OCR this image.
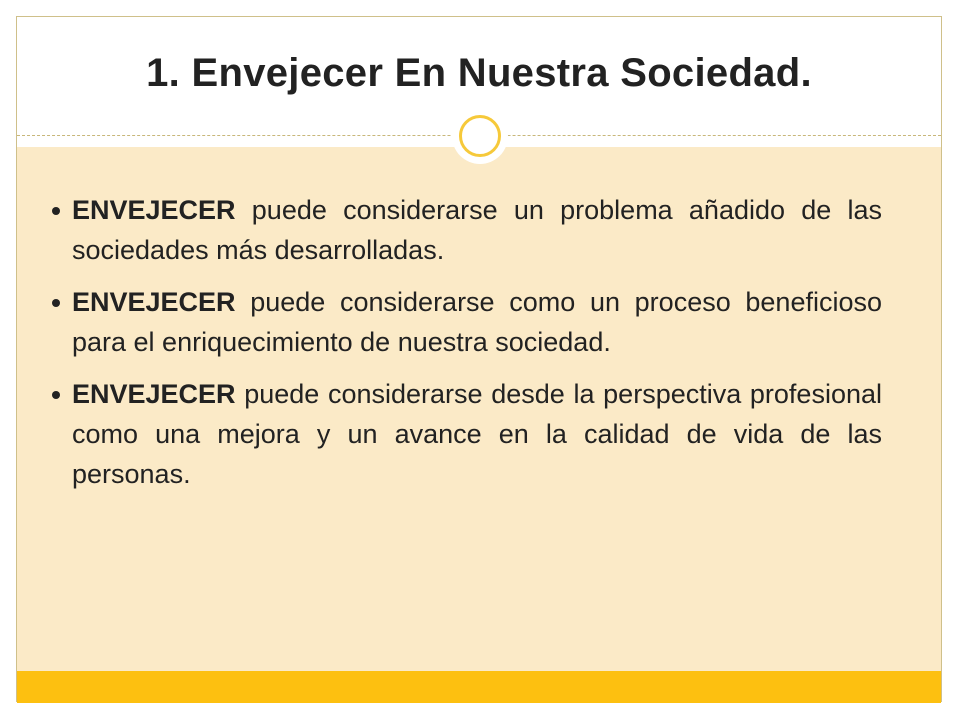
1. Envejecer En Nuestra Sociedad.
ENVEJECER puede considerarse un problema añadido de las sociedades más desarrolladas.
ENVEJECER puede considerarse como un proceso beneficioso para el enriquecimiento de nuestra sociedad.
ENVEJECER puede considerarse desde la perspectiva profesional como una mejora y un avance en la calidad de vida de las personas.
